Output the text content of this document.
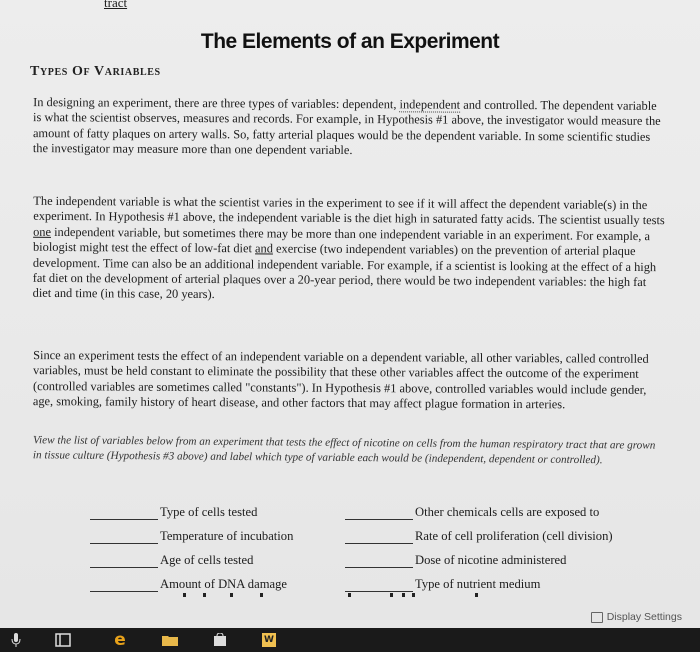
tract
The Elements of an Experiment
Types Of Variables
In designing an experiment, there are three types of variables: dependent, independent and controlled. The dependent variable is what the scientist observes, measures and records. For example, in Hypothesis #1 above, the investigator would measure the amount of fatty plaques on artery walls. So, fatty arterial plaques would be the dependent variable. In some scientific studies the investigator may measure more than one dependent variable.
The independent variable is what the scientist varies in the experiment to see if it will affect the dependent variable(s) in the experiment. In Hypothesis #1 above, the independent variable is the diet high in saturated fatty acids. The scientist usually tests one independent variable, but sometimes there may be more than one independent variable in an experiment. For example, a biologist might test the effect of low-fat diet and exercise (two independent variables) on the prevention of arterial plaque development. Time can also be an additional independent variable. For example, if a scientist is looking at the effect of a high fat diet on the development of arterial plaques over a 20-year period, there would be two independent variables: the high fat diet and time (in this case, 20 years).
Since an experiment tests the effect of an independent variable on a dependent variable, all other variables, called controlled variables, must be held constant to eliminate the possibility that these other variables affect the outcome of the experiment (controlled variables are sometimes called "constants"). In Hypothesis #1 above, controlled variables would include gender, age, smoking, family history of heart disease, and other factors that may affect plague formation in arteries.
View the list of variables below from an experiment that tests the effect of nicotine on cells from the human respiratory tract that are grown in tissue culture (Hypothesis #3 above) and label which type of variable each would be (independent, dependent or controlled).
Type of cells tested	Other chemicals cells are exposed to
Temperature of incubation	Rate of cell proliferation (cell division)
Age of cells tested	Dose of nicotine administered
Amount of DNA damage	Type of nutrient medium
Display Settings
e	W
